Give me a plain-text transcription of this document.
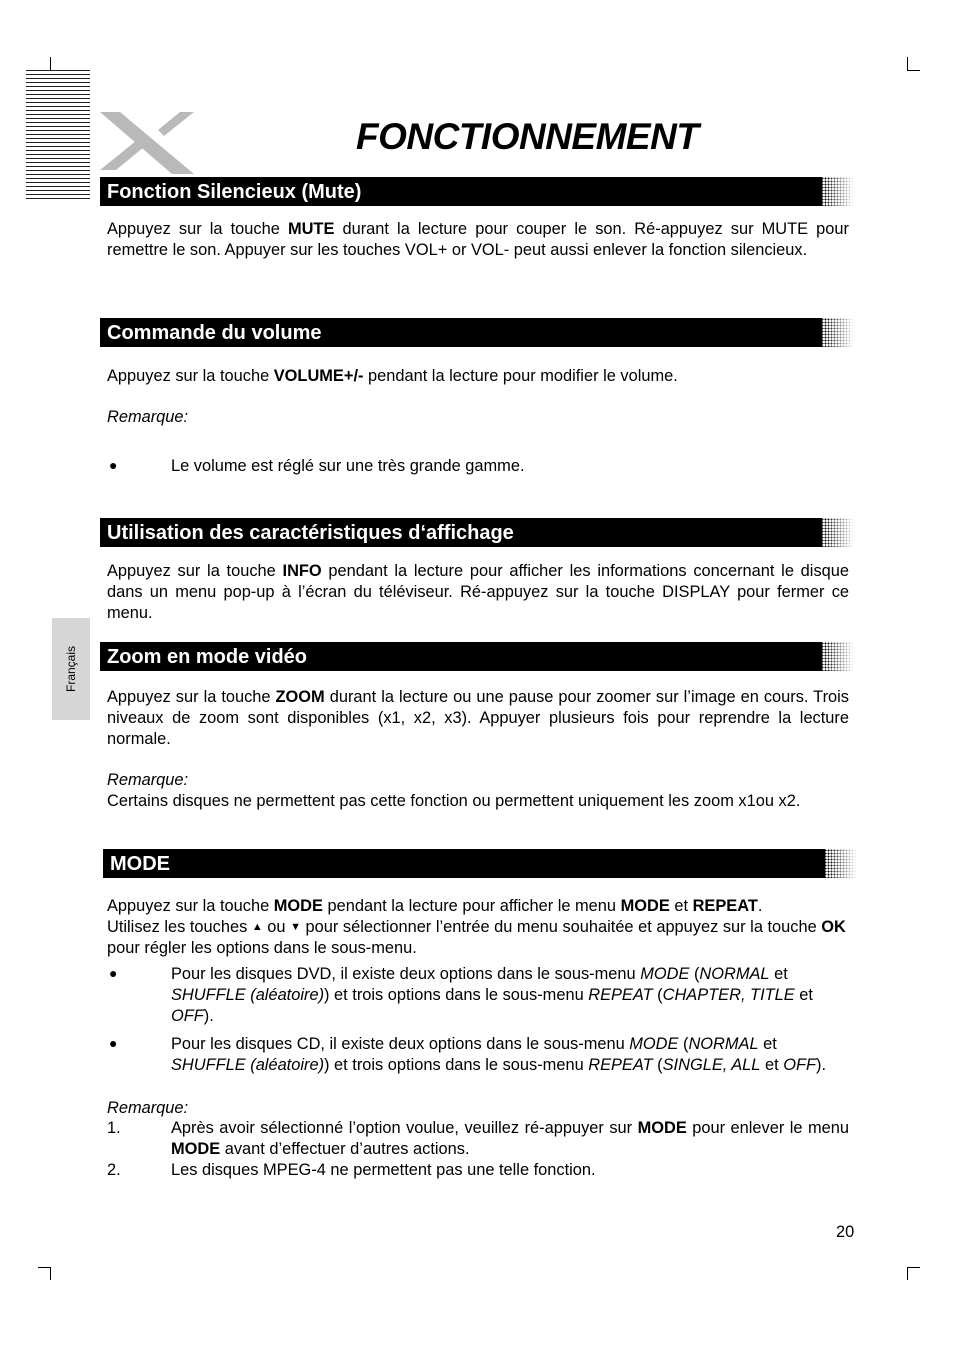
FONCTIONNEMENT
Fonction Silencieux (Mute)
Appuyez sur la touche MUTE durant la lecture pour couper le son. Ré-appuyez sur MUTE pour remettre le son. Appuyer sur les touches VOL+ or VOL- peut aussi enlever la fonction silencieux.
Commande du volume
Appuyez sur la touche VOLUME+/- pendant la lecture pour modifier le volume.
Remarque:
●	Le volume est réglé sur une très grande gamme.
Utilisation des caractéristiques d‘affichage
Appuyez sur la touche INFO pendant la lecture pour afficher les informations concernant le disque dans un menu pop-up à l’écran du téléviseur. Ré-appuyez sur la touche DISPLAY pour fermer ce menu.
Français Zoom en mode vidéo
Appuyez sur la touche ZOOM durant la lecture ou une pause pour zoomer sur l’image en cours. Trois niveaux de zoom sont disponibles (x1, x2, x3). Appuyer plusieurs fois pour reprendre la lecture normale.
Remarque:
Certains disques ne permettent pas cette fonction ou permettent uniquement les zoom x1ou x2.
MODE
Appuyez sur la touche MODE pendant la lecture pour afficher le menu MODE et REPEAT.
Utilisez les touches ▲ ou ▼ pour sélectionner l’entrée du menu souhaitée et appuyez sur la touche OK pour régler les options dans le sous-menu.
●	Pour les disques DVD, il existe deux options dans le sous-menu MODE (NORMAL et SHUFFLE (aléatoire)) et trois options dans le sous-menu REPEAT (CHAPTER, TITLE et OFF).
●	Pour les disques CD, il existe deux options dans le sous-menu MODE (NORMAL et SHUFFLE (aléatoire)) et trois options dans le sous-menu REPEAT (SINGLE, ALL et OFF).
Remarque:
1.	Après avoir sélectionné l’option voulue, veuillez ré-appuyer sur MODE pour enlever le menu MODE avant d’effectuer d’autres actions.
2.	Les disques MPEG-4 ne permettent pas une telle fonction.
20
